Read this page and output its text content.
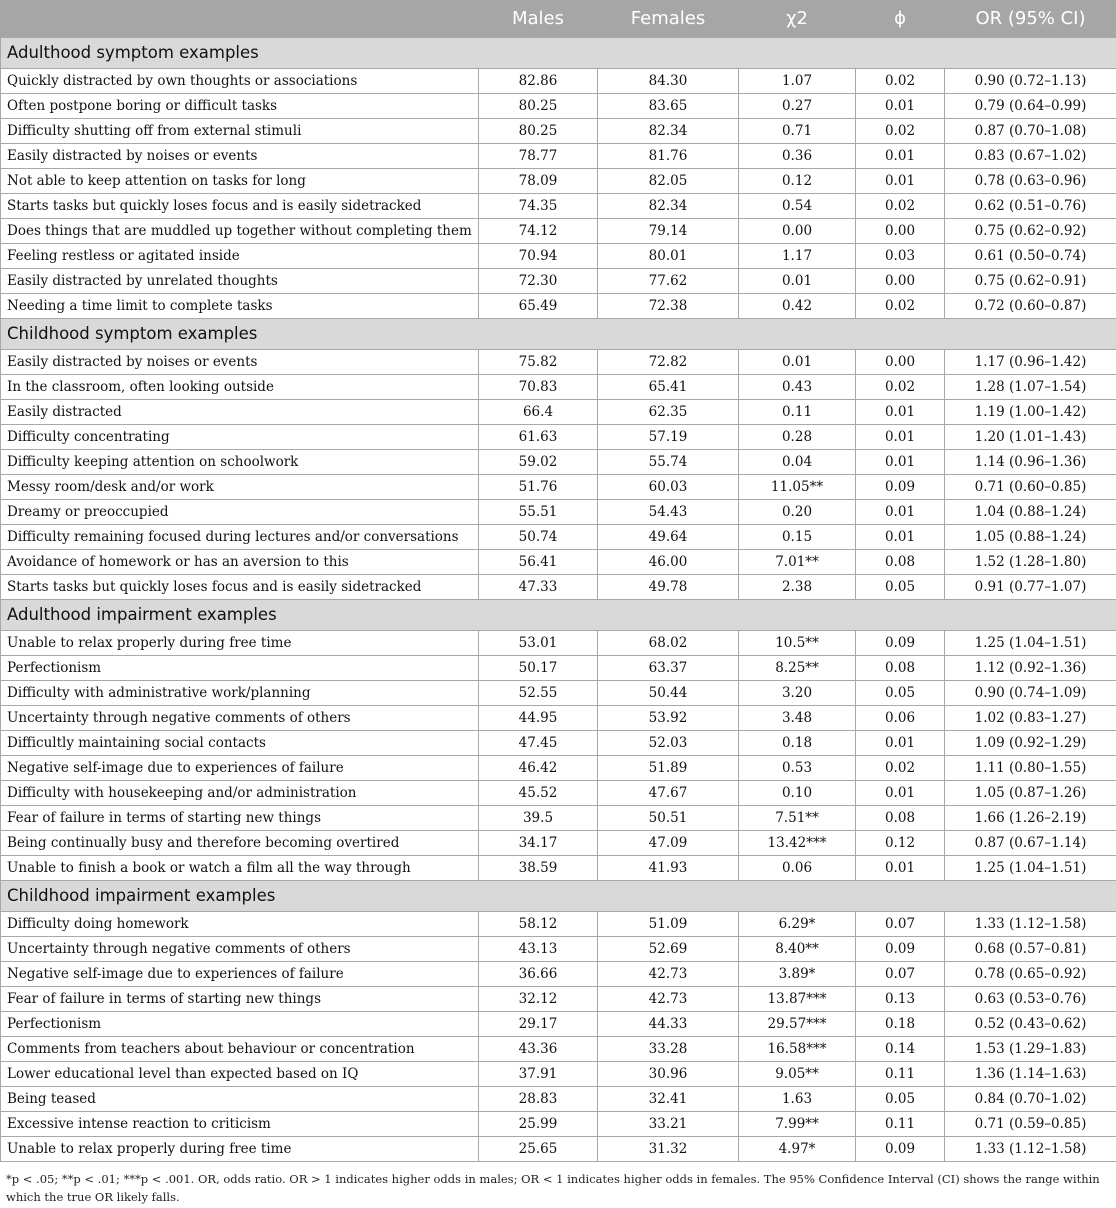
	Males	Females	χ2	ϕ	OR (95% CI)
Adulthood symptom examples					
Quickly distracted by own thoughts or associations	82.86	84.30	1.07	0.02	0.90 (0.72–1.13)
Often postpone boring or difficult tasks	80.25	83.65	0.27	0.01	0.79 (0.64–0.99)
Difficulty shutting off from external stimuli	80.25	82.34	0.71	0.02	0.87 (0.70–1.08)
Easily distracted by noises or events	78.77	81.76	0.36	0.01	0.83 (0.67–1.02)
Not able to keep attention on tasks for long	78.09	82.05	0.12	0.01	0.78 (0.63–0.96)
Starts tasks but quickly loses focus and is easily sidetracked	74.35	82.34	0.54	0.02	0.62 (0.51–0.76)
Does things that are muddled up together without completing them	74.12	79.14	0.00	0.00	0.75 (0.62–0.92)
Feeling restless or agitated inside	70.94	80.01	1.17	0.03	0.61 (0.50–0.74)
Easily distracted by unrelated thoughts	72.30	77.62	0.01	0.00	0.75 (0.62–0.91)
Needing a time limit to complete tasks	65.49	72.38	0.42	0.02	0.72 (0.60–0.87)
Childhood symptom examples					
Easily distracted by noises or events	75.82	72.82	0.01	0.00	1.17 (0.96–1.42)
In the classroom, often looking outside	70.83	65.41	0.43	0.02	1.28 (1.07–1.54)
Easily distracted	66.4	62.35	0.11	0.01	1.19 (1.00–1.42)
Difficulty concentrating	61.63	57.19	0.28	0.01	1.20 (1.01–1.43)
Difficulty keeping attention on schoolwork	59.02	55.74	0.04	0.01	1.14 (0.96–1.36)
Messy room/desk and/or work	51.76	60.03	11.05**	0.09	0.71 (0.60–0.85)
Dreamy or preoccupied	55.51	54.43	0.20	0.01	1.04 (0.88–1.24)
Difficulty remaining focused during lectures and/or conversations	50.74	49.64	0.15	0.01	1.05 (0.88–1.24)
Avoidance of homework or has an aversion to this	56.41	46.00	7.01**	0.08	1.52 (1.28–1.80)
Starts tasks but quickly loses focus and is easily sidetracked	47.33	49.78	2.38	0.05	0.91 (0.77–1.07)
Adulthood impairment examples					
Unable to relax properly during free time	53.01	68.02	10.5**	0.09	1.25 (1.04–1.51)
Perfectionism	50.17	63.37	8.25**	0.08	1.12 (0.92–1.36)
Difficulty with administrative work/planning	52.55	50.44	3.20	0.05	0.90 (0.74–1.09)
Uncertainty through negative comments of others	44.95	53.92	3.48	0.06	1.02 (0.83–1.27)
Difficultly maintaining social contacts	47.45	52.03	0.18	0.01	1.09 (0.92–1.29)
Negative self-image due to experiences of failure	46.42	51.89	0.53	0.02	1.11 (0.80–1.55)
Difficulty with housekeeping and/or administration	45.52	47.67	0.10	0.01	1.05 (0.87–1.26)
Fear of failure in terms of starting new things	39.5	50.51	7.51**	0.08	1.66 (1.26–2.19)
Being continually busy and therefore becoming overtired	34.17	47.09	13.42***	0.12	0.87 (0.67–1.14)
Unable to finish a book or watch a film all the way through	38.59	41.93	0.06	0.01	1.25 (1.04–1.51)
Childhood impairment examples					
Difficulty doing homework	58.12	51.09	6.29*	0.07	1.33 (1.12–1.58)
Uncertainty through negative comments of others	43.13	52.69	8.40**	0.09	0.68 (0.57–0.81)
Negative self-image due to experiences of failure	36.66	42.73	3.89*	0.07	0.78 (0.65–0.92)
Fear of failure in terms of starting new things	32.12	42.73	13.87***	0.13	0.63 (0.53–0.76)
Perfectionism	29.17	44.33	29.57***	0.18	0.52 (0.43–0.62)
Comments from teachers about behaviour or concentration	43.36	33.28	16.58***	0.14	1.53 (1.29–1.83)
Lower educational level than expected based on IQ	37.91	30.96	9.05**	0.11	1.36 (1.14–1.63)
Being teased	28.83	32.41	1.63	0.05	0.84 (0.70–1.02)
Excessive intense reaction to criticism	25.99	33.21	7.99**	0.11	0.71 (0.59–0.85)
Unable to relax properly during free time	25.65	31.32	4.97*	0.09	1.33 (1.12–1.58)
*p < .05; **p < .01; ***p < .001. OR, odds ratio. OR > 1 indicates higher odds in males; OR < 1 indicates higher odds in females. The 95% Confidence Interval (CI) shows the range within which the true OR likely falls.
